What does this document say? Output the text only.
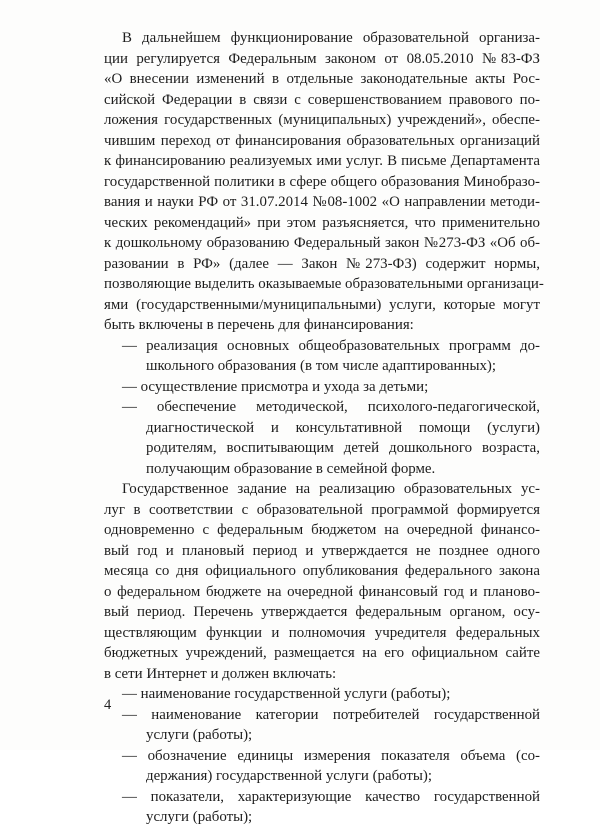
В дальнейшем функционирование образовательной организа-
ции регулируется Федеральным законом от 08.05.2010 №83-ФЗ
«О внесении изменений в отдельные законодательные акты Рос-
сийской Федерации в связи с совершенствованием правового по-
ложения государственных (муниципальных) учреждений», обеспе-
чившим переход от финансирования образовательных организаций
к финансированию реализуемых ими услуг. В письме Департамента
государственной политики в сфере общего образования Минобразо-
вания и науки РФ от 31.07.2014 №08-1002 «О направлении методи-
ческих рекомендаций» при этом разъясняется, что применительно
к дошкольному образованию Федеральный закон №273-ФЗ «Об об-
разовании в РФ» (далее — Закон №273-ФЗ) содержит нормы,
позволяющие выделить оказываемые образовательными организаци-
ями (государственными/муниципальными) услуги, которые могут
быть включены в перечень для финансирования:
— реализация основных общеобразовательных программ до-
школьного образования (в том числе адаптированных);
— осуществление присмотра и ухода за детьми;
— обеспечение методической, психолого-педагогической,
диагностической и консультативной помощи (услуги)
родителям, воспитывающим детей дошкольного возраста,
получающим образование в семейной форме.
Государственное задание на реализацию образовательных ус-
луг в соответствии с образовательной программой формируется
одновременно с федеральным бюджетом на очередной финансо-
вый год и плановый период и утверждается не позднее одного
месяца со дня официального опубликования федерального закона
о федеральном бюджете на очередной финансовый год и планово-
вый период. Перечень утверждается федеральным органом, осу-
ществляющим функции и полномочия учредителя федеральных
бюджетных учреждений, размещается на его официальном сайте
в сети Интернет и должен включать:
— наименование государственной услуги (работы);
— наименование категории потребителей государственной
услуги (работы);
— обозначение единицы измерения показателя объема (со-
держания) государственной услуги (работы);
— показатели, характеризующие качество государственной
услуги (работы);
4
